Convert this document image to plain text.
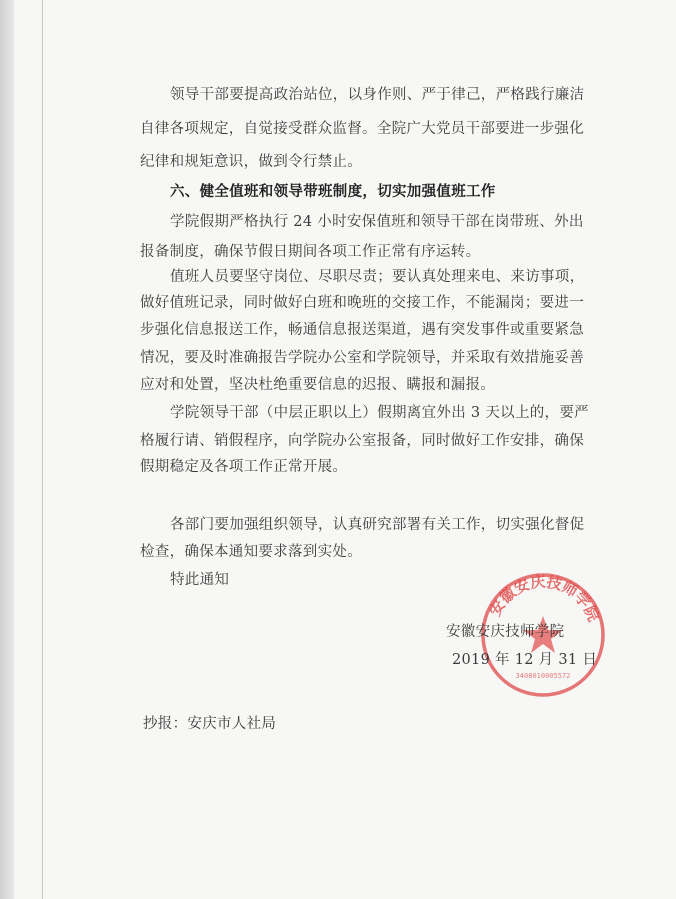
领导干部要提高政治站位，以身作则、严于律己，严格践行廉洁
自律各项规定，自觉接受群众监督。全院广大党员干部要进一步强化
纪律和规矩意识，做到令行禁止。
六、健全值班和领导带班制度，切实加强值班工作
学院假期严格执行 24 小时安保值班和领导干部在岗带班、外出
报备制度，确保节假日期间各项工作正常有序运转。
值班人员要坚守岗位、尽职尽责；要认真处理来电、来访事项，
做好值班记录，同时做好白班和晚班的交接工作，不能漏岗；要进一
步强化信息报送工作，畅通信息报送渠道，遇有突发事件或重要紧急
情况，要及时准确报告学院办公室和学院领导，并采取有效措施妥善
应对和处置，坚决杜绝重要信息的迟报、瞒报和漏报。
学院领导干部（中层正职以上）假期离宜外出 3 天以上的，要严
格履行请、销假程序，向学院办公室报备，同时做好工作安排，确保
假期稳定及各项工作正常开展。
各部门要加强组织领导，认真研究部署有关工作，切实强化督促
检查，确保本通知要求落到实处。
特此通知
安徽安庆技师学院
3408010005572
安徽安庆技师学院
2019 年 12 月 31 日
抄报：安庆市人社局
